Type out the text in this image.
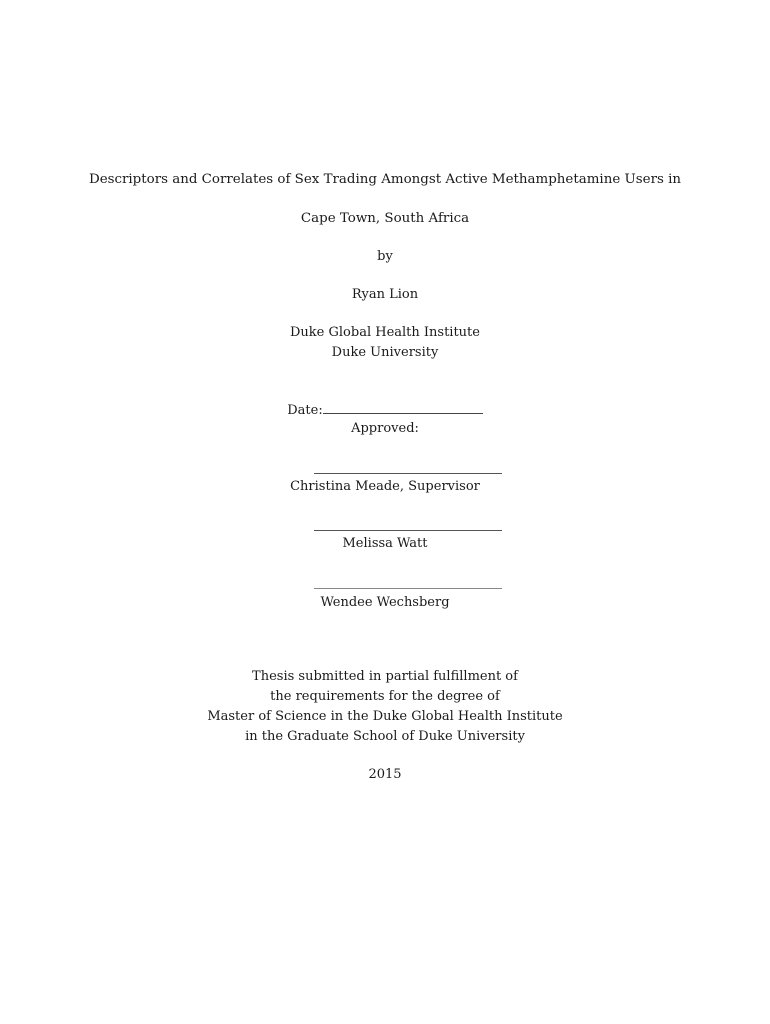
Descriptors and Correlates of Sex Trading Amongst Active Methamphetamine Users in
Cape Town, South Africa
by
Ryan Lion
Duke Global Health Institute
Duke University
Date:
Approved:
Christina Meade, Supervisor
Melissa Watt
Wendee Wechsberg
Thesis submitted in partial fulfillment of
the requirements for the degree of
Master of Science in the Duke Global Health Institute
in the Graduate School of Duke University
2015
